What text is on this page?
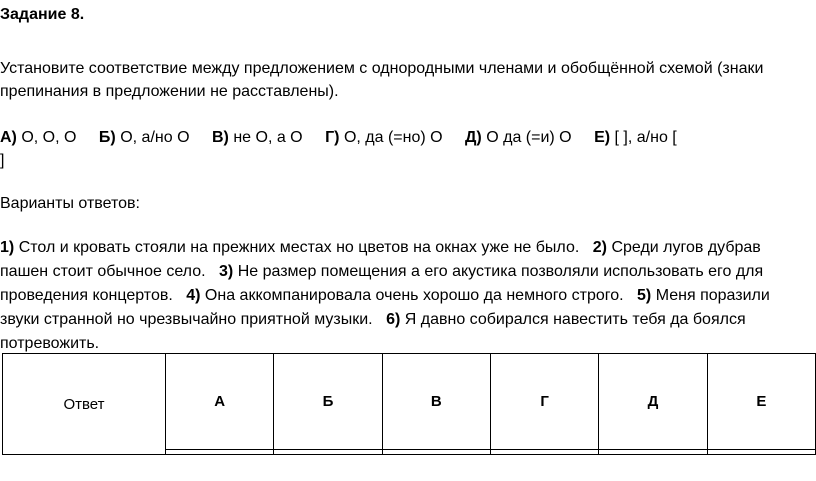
Задание 8.
Установите соответствие между предложением с однородными членами и обобщённой схемой (знаки
препинания в предложении не расставлены).
А) О, О, О Б) О, а/но О В) не О, а О Г) О, да (=но) О Д) О да (=и) О Е) [ ], а/но [
]
Варианты ответов:
1) Стол и кровать стояли на прежних местах но цветов на окнах уже не было. 2) Среди лугов дубрав
пашен стоит обычное село. 3) Не размер помещения а его акустика позволяли использовать его для
проведения концертов. 4) Она аккомпанировала очень хорошо да немного строго. 5) Меня поразили
звуки странной но чрезвычайно приятной музыки. 6) Я давно собирался навестить тебя да боялся
потревожить.
Ответ	А	Б	В	Г	Д	Е
